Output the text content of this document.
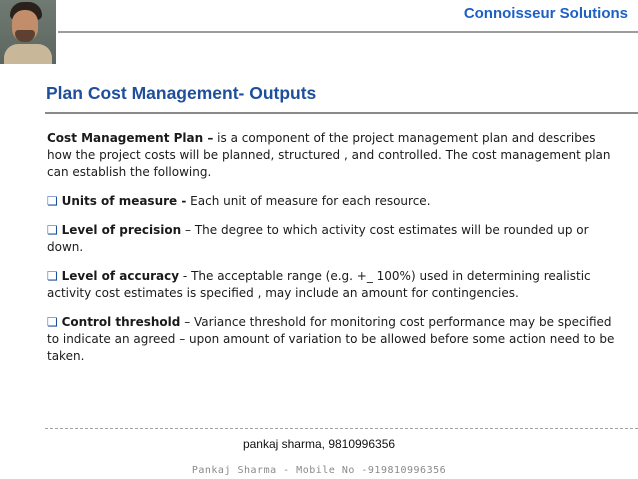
Connoisseur Solutions
Plan Cost Management- Outputs

Cost Management Plan – is a component of the project management plan and describes how the project costs will be planned, structured , and controlled. The cost management plan can establish the following.

❏ Units of measure - Each unit of measure for each resource.

❏ Level of precision – The degree to which activity cost estimates will be rounded up or down.

❏ Level of accuracy - The acceptable range (e.g. +_ 100%) used in determining realistic activity cost estimates is specified , may include an amount for contingencies.

❏ Control threshold – Variance threshold for monitoring cost performance may be specified to indicate an agreed – upon amount of variation to be allowed before some action need to be taken.

pankaj sharma, 9810996356
Pankaj Sharma - Mobile No -919810996356
